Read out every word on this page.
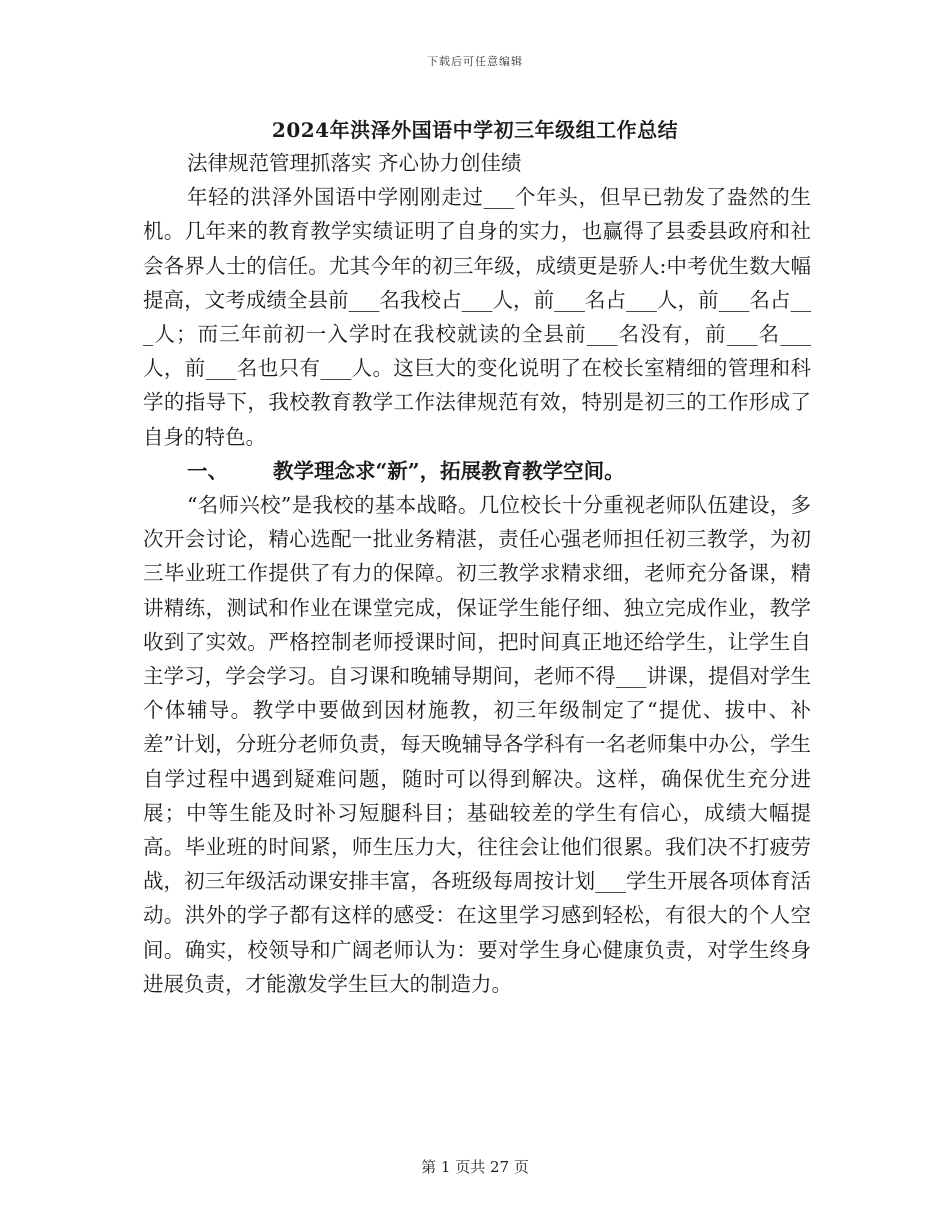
下载后可任意编辑
2024年洪泽外国语中学初三年级组工作总结

法律规范管理抓落实 齐心协力创佳绩

年轻的洪泽外国语中学刚刚走过___个年头，但早已勃发了盎然的生机。几年来的教育教学实绩证明了自身的实力，也赢得了县委县政府和社会各界人士的信任。尤其今年的初三年级，成绩更是骄人:中考优生数大幅提高，文考成绩全县前___名我校占___人，前___名占___人，前___名占___人；而三年前初一入学时在我校就读的全县前___名没有，前___名___人，前___名也只有___人。这巨大的变化说明了在校长室精细的管理和科学的指导下，我校教育教学工作法律规范有效，特别是初三的工作形成了自身的特色。

一、 教学理念求“新”，拓展教育教学空间。

“名师兴校”是我校的基本战略。几位校长十分重视老师队伍建设，多次开会讨论，精心选配一批业务精湛，责任心强老师担任初三教学，为初三毕业班工作提供了有力的保障。初三教学求精求细，老师充分备课，精讲精练，测试和作业在课堂完成，保证学生能仔细、独立完成作业，教学收到了实效。严格控制老师授课时间，把时间真正地还给学生，让学生自主学习，学会学习。自习课和晚辅导期间，老师不得___讲课，提倡对学生个体辅导。教学中要做到因材施教，初三年级制定了“提优、拔中、补差”计划，分班分老师负责，每天晚辅导各学科有一名老师集中办公，学生自学过程中遇到疑难问题，随时可以得到解决。这样，确保优生充分进展；中等生能及时补习短腿科目；基础较差的学生有信心，成绩大幅提高。毕业班的时间紧，师生压力大，往往会让他们很累。我们决不打疲劳战，初三年级活动课安排丰富，各班级每周按计划___学生开展各项体育活动。洪外的学子都有这样的感受：在这里学习感到轻松，有很大的个人空间。确实，校领导和广阔老师认为：要对学生身心健康负责，对学生终身进展负责，才能激发学生巨大的制造力。

第 1 页共 27 页
